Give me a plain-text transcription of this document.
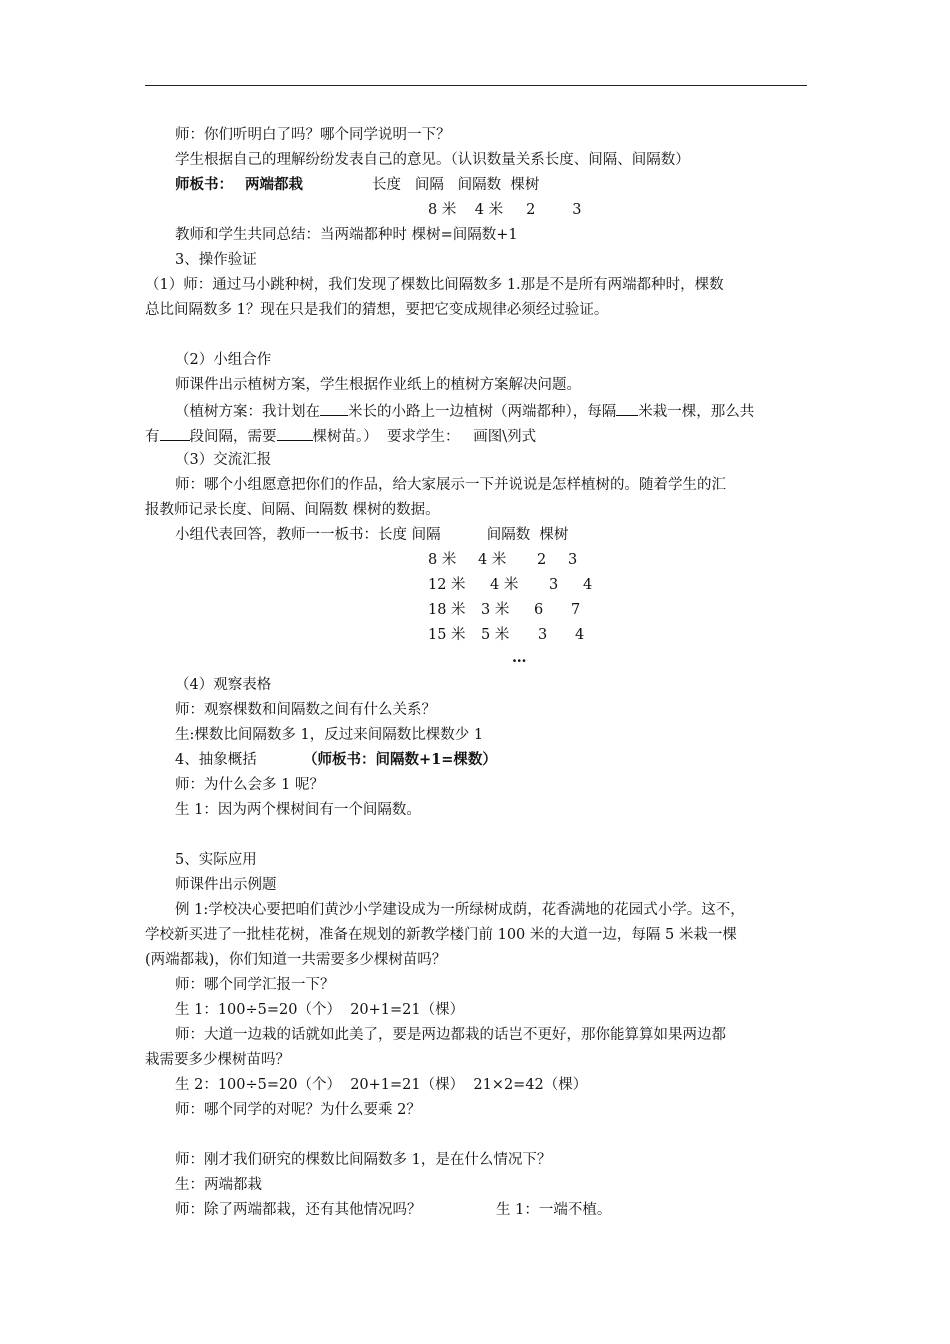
师：你们听明白了吗？哪个同学说明一下？
学生根据自己的理解纷纷发表自己的意见。（认识数量关系长度、间隔、间隔数）
师板书： 两端都栽	长度   间隔   间隔数  棵树
8 米    4 米     2        3
教师和学生共同总结：当两端都种时 棵树=间隔数+1
3、操作验证
（1）师：通过马小跳种树，我们发现了棵数比间隔数多 1.那是不是所有两端都种时，棵数
总比间隔数多 1？现在只是我们的猜想，要把它变成规律必须经过验证。
（2）小组合作
师课件出示植树方案，学生根据作业纸上的植树方案解决问题。
（植树方案：我计划在 米长的小路上一边植树（两端都种），每隔 米栽一棵，那么共
有 段间隔，需要 棵树苗。）  要求学生：   画图\列式
（3）交流汇报
师：哪个小组愿意把你们的作品，给大家展示一下并说说是怎样植树的。随着学生的汇
报教师记录长度、间隔、间隔数 棵树的数据。
小组代表回答，教师一一板书：长度 间隔          间隔数  棵树
8 米 4 米 2 3
12 米 4 米 3 4
18 米 3 米 6 7
15 米 5 米 3 4
…
（4）观察表格
师：观察棵数和间隔数之间有什么关系？
生:棵数比间隔数多 1，反过来间隔数比棵数少 1
4、抽象概括	（师板书：间隔数+1=棵数）
师：为什么会多 1 呢？
生 1：因为两个棵树间有一个间隔数。
5、实际应用
师课件出示例题
例 1:学校决心要把咱们黄沙小学建设成为一所绿树成荫，花香满地的花园式小学。这不，
学校新买进了一批桂花树，准备在规划的新教学楼门前 100 米的大道一边，每隔 5 米栽一棵
(两端都栽)，你们知道一共需要多少棵树苗吗？
师：哪个同学汇报一下？
生 1：100÷5=20（个）  20+1=21（棵）
师：大道一边栽的话就如此美了，要是两边都栽的话岂不更好，那你能算算如果两边都
栽需要多少棵树苗吗？
生 2：100÷5=20（个）  20+1=21（棵）  21×2=42（棵）
师：哪个同学的对呢？为什么要乘 2？
师：刚才我们研究的棵数比间隔数多 1，是在什么情况下？
生：两端都栽
师：除了两端都栽，还有其他情况吗？	生 1：一端不植。
